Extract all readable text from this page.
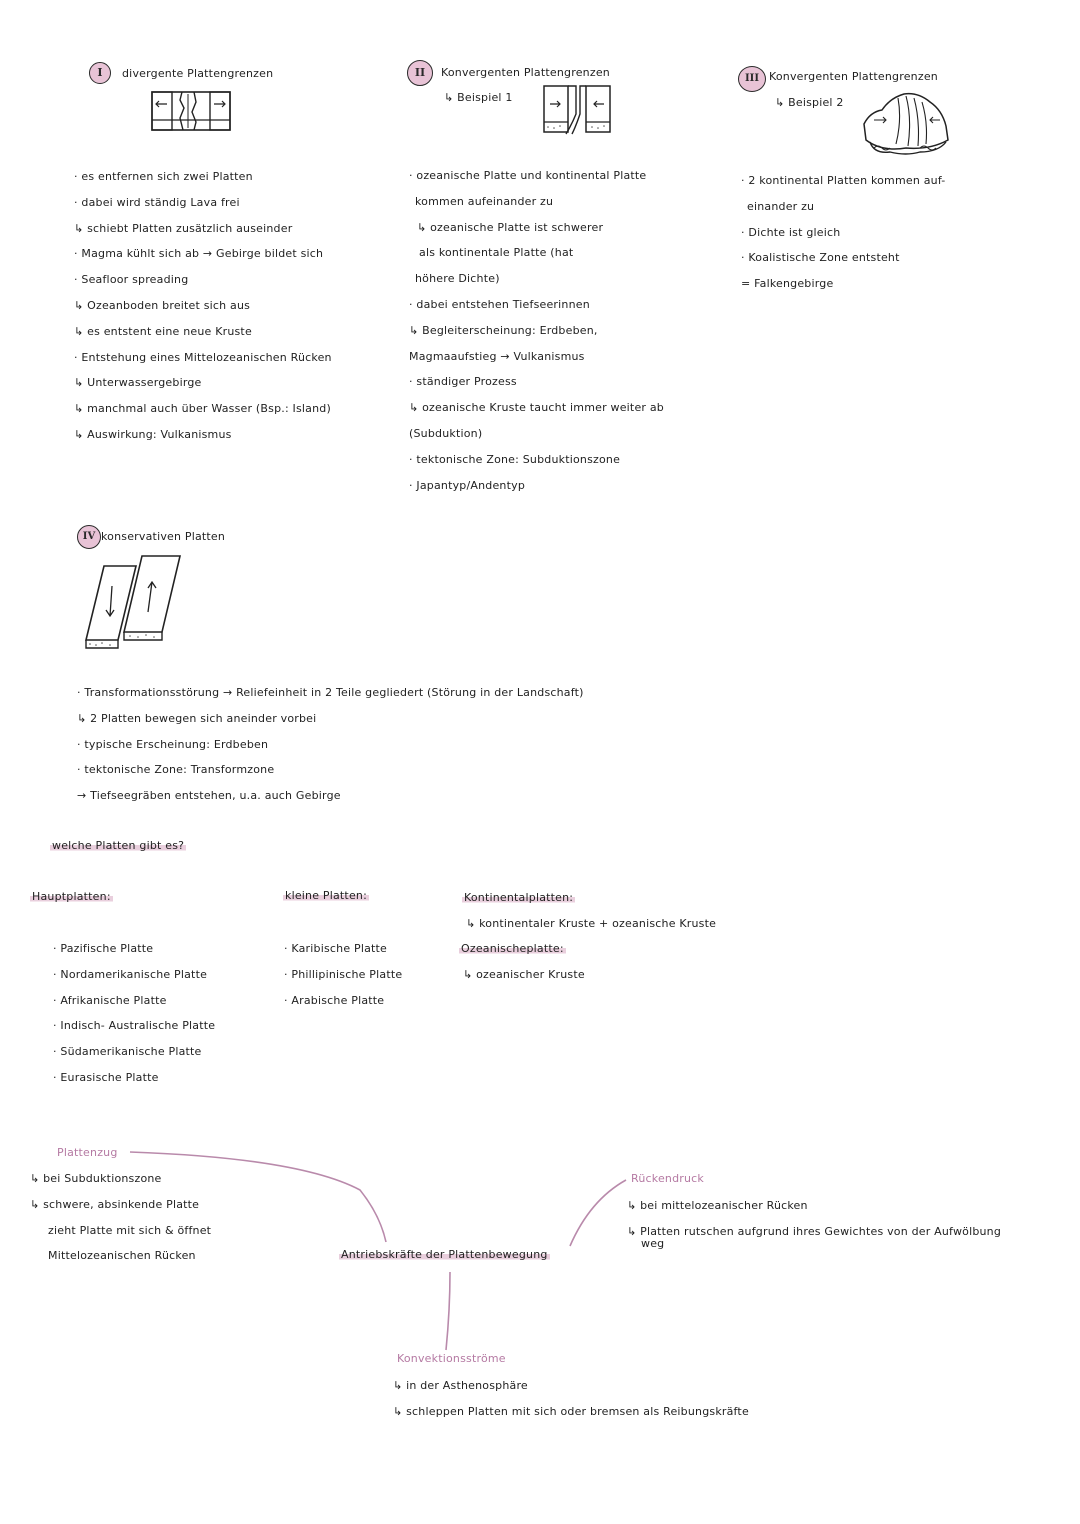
I	divergente Plattengrenzen
· es entfernen sich zwei Platten
· dabei wird ständig Lava frei
↳ schiebt Platten zusätzlich auseinder
· Magma kühlt sich ab → Gebirge bildet sich
· Seafloor spreading
↳ Ozeanboden breitet sich aus
↳ es entstent eine neue Kruste
· Entstehung eines Mittelozeanischen Rücken
↳ Unterwassergebirge
↳ manchmal auch über Wasser (Bsp.: Island)
↳ Auswirkung: Vulkanismus
II	Konvergenten Plattengrenzen
↳ Beispiel 1
· ozeanische Platte und kontinental Platte
kommen aufeinander zu
↳ ozeanische Platte ist schwerer
als kontinentale Platte (hat
höhere Dichte)
· dabei entstehen Tiefseerinnen
↳ Begleiterscheinung: Erdbeben,
Magmaaufstieg → Vulkanismus
· ständiger Prozess
↳ ozeanische Kruste taucht immer weiter ab
(Subduktion)
· tektonische Zone: Subduktionszone
· Japantyp/Andentyp
III Konvergenten Plattengrenzen
↳ Beispiel 2
· 2 kontinental Platten kommen auf-
einander zu
· Dichte ist gleich
· Koalistische Zone entsteht
= Falkengebirge
IV konservativen Platten
· Transformationsstörung → Reliefeinheit in 2 Teile gegliedert (Störung in der Landschaft)
↳ 2 Platten bewegen sich aneinder vorbei
· typische Erscheinung: Erdbeben
· tektonische Zone: Transformzone
→ Tiefseegräben entstehen, u.a. auch Gebirge
welche Platten gibt es?
Hauptplatten:
· Pazifische Platte
· Nordamerikanische Platte
· Afrikanische Platte
· Indisch- Australische Platte
· Südamerikanische Platte
· Eurasische Platte
kleine Platten:
· Karibische Platte
· Phillipinische Platte
· Arabische Platte
Kontinentalplatten:
↳ kontinentaler Kruste + ozeanische Kruste
Ozeanischeplatte:
↳ ozeanischer Kruste
Antriebskräfte der Plattenbewegung
Plattenzug
↳ bei Subduktionszone
↳ schwere, absinkende Platte
zieht Platte mit sich & öffnet
Mittelozeanischen Rücken
Rückendruck
↳ bei mittelozeanischer Rücken
↳ Platten rutschen aufgrund ihres Gewichtes von der Aufwölbung
weg
Konvektionsströme
↳ in der Asthenosphäre
↳ schleppen Platten mit sich oder bremsen als Reibungskräfte
